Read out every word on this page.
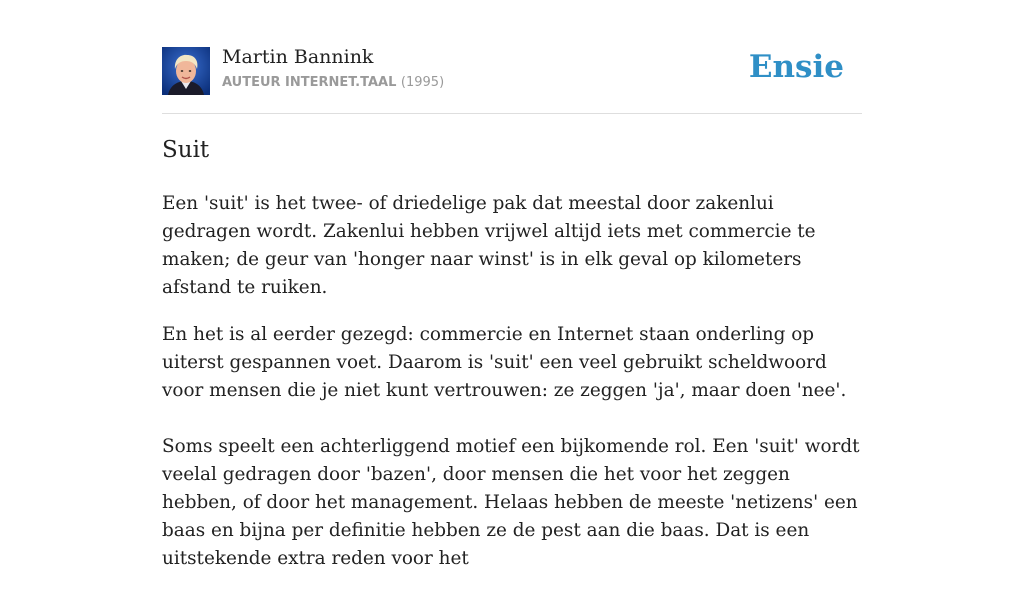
Martin Bannink
AUTEUR INTERNET.TAAL (1995)	Ensie
Suit

Een 'suit' is het twee- of driedelige pak dat meestal door zakenlui gedragen wordt. Zakenlui hebben vrijwel altijd iets met commercie te maken; de geur van 'honger naar winst' is in elk geval op kilometers afstand te ruiken.

En het is al eerder gezegd: commercie en Internet staan onderling op uiterst gespannen voet. Daarom is 'suit' een veel gebruikt scheldwoord voor mensen die je niet kunt vertrouwen: ze zeggen 'ja', maar doen 'nee'.

Soms speelt een achterliggend motief een bijkomende rol. Een 'suit' wordt veelal gedragen door 'bazen', door mensen die het voor het zeggen hebben, of door het management. Helaas hebben de meeste 'netizens' een baas en bijna per definitie hebben ze de pest aan die baas. Dat is een uitstekende extra reden voor het
